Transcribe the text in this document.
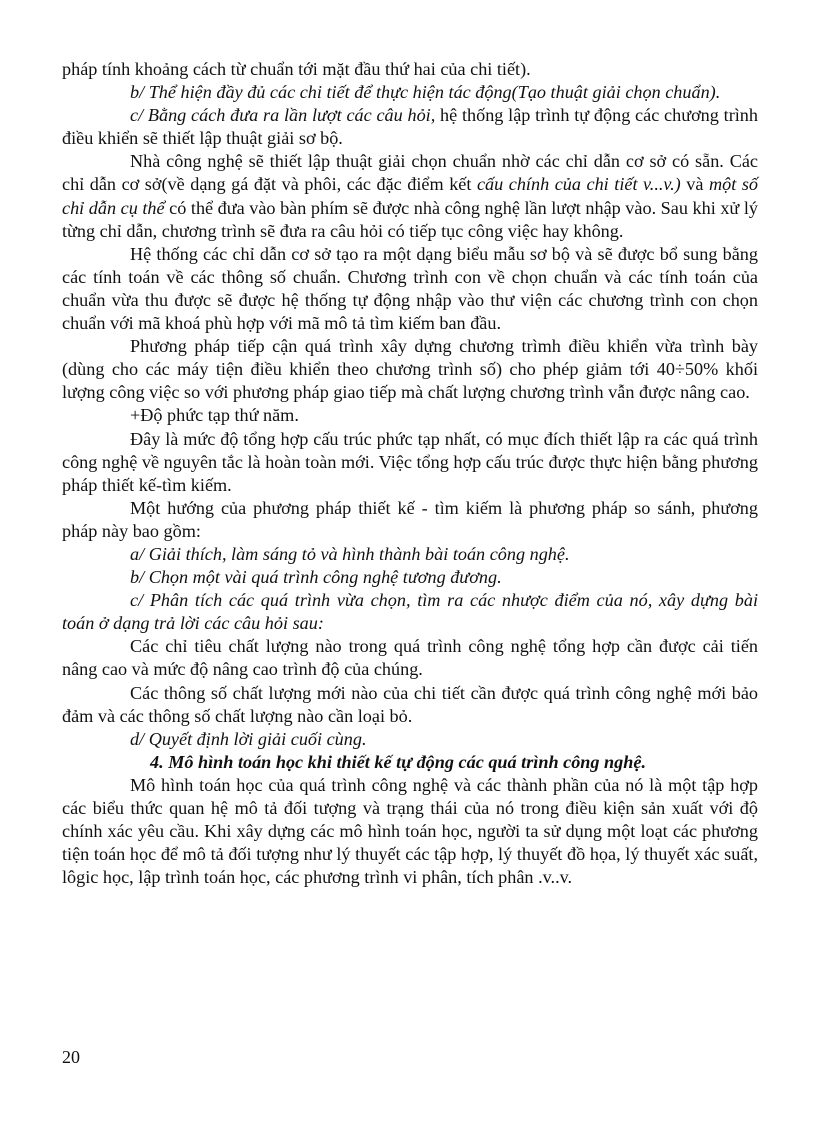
pháp tính khoảng cách từ chuẩn tới mặt đầu thứ hai của chi tiết).

b/ Thể hiện đầy đủ các chi tiết để thực hiện tác động(Tạo thuật giải chọn chuẩn).

c/ Bằng cách đưa ra lần lượt các câu hỏi, hệ thống lập trình tự động các chương trình điều khiển sẽ thiết lập thuật giải sơ bộ.

Nhà công nghệ sẽ thiết lập thuật giải chọn chuẩn nhờ các chỉ dẫn cơ sở có sẵn. Các chỉ dẫn cơ sở(về dạng gá đặt và phôi, các đặc điểm kết cấu chính của chi tiết v...v.) và một số chỉ dẫn cụ thể có thể đưa vào bàn phím sẽ được nhà công nghệ lần lượt nhập vào. Sau khi xử lý từng chỉ dẫn, chương trình sẽ đưa ra câu hỏi có tiếp tục công việc hay không.

Hệ thống các chỉ dẫn cơ sở tạo ra một dạng biểu mẫu sơ bộ và sẽ được bổ sung bằng các tính toán về các thông số chuẩn. Chương trình con về chọn chuẩn và các tính toán của chuẩn vừa thu được sẽ được hệ thống tự động nhập vào thư viện các chương trình con chọn chuẩn với mã khoá phù hợp với mã mô tả tìm kiếm ban đầu.

Phương pháp tiếp cận quá trình xây dựng chương trìmh điều khiển vừa trình bày (dùng cho các máy tiện điều khiển theo chương trình số) cho phép giảm tới 40÷50% khối lượng công việc so với phương pháp giao tiếp mà chất lượng chương trình vẫn được nâng cao.

+Độ phức tạp thứ năm.

Đây là mức độ tổng hợp cấu trúc phức tạp nhất, có mục đích thiết lập ra các quá trình công nghệ về nguyên tắc là hoàn toàn mới. Việc tổng hợp cấu trúc được thực hiện bằng phương pháp thiết kế-tìm kiếm.

Một hướng của phương pháp thiết kế - tìm kiếm là phương pháp so sánh, phương pháp này bao gồm:

a/ Giải thích, làm sáng tỏ và hình thành bài toán công nghệ.

b/ Chọn một vài quá trình công nghệ tương đương.

c/ Phân tích các quá trình vừa chọn, tìm ra các nhược điểm của nó, xây dựng bài toán ở dạng trả lời các câu hỏi sau:

Các chỉ tiêu chất lượng nào trong quá trình công nghệ tổng hợp cần được cải tiến nâng cao và mức độ nâng cao trình độ của chúng.

Các thông số chất lượng mới nào của chi tiết cần được quá trình công nghệ mới bảo đảm và các thông số chất lượng nào cần loại bỏ.

d/ Quyết định lời giải cuối cùng.

4. Mô hình toán học khi thiết kế tự động các quá trình công nghệ.

Mô hình toán học của quá trình công nghệ và các thành phần của nó là một tập hợp các biểu thức quan hệ mô tả đối tượng và trạng thái của nó trong điều kiện sản xuất với độ chính xác yêu cầu. Khi xây dựng các mô hình toán học, người ta sử dụng một loạt các phương tiện toán học để mô tả đối tượng như lý thuyết các tập hợp, lý thuyết đồ họa, lý thuyết xác suất, lôgic học, lập trình toán học, các phương trình vi phân, tích phân .v..v.

20
